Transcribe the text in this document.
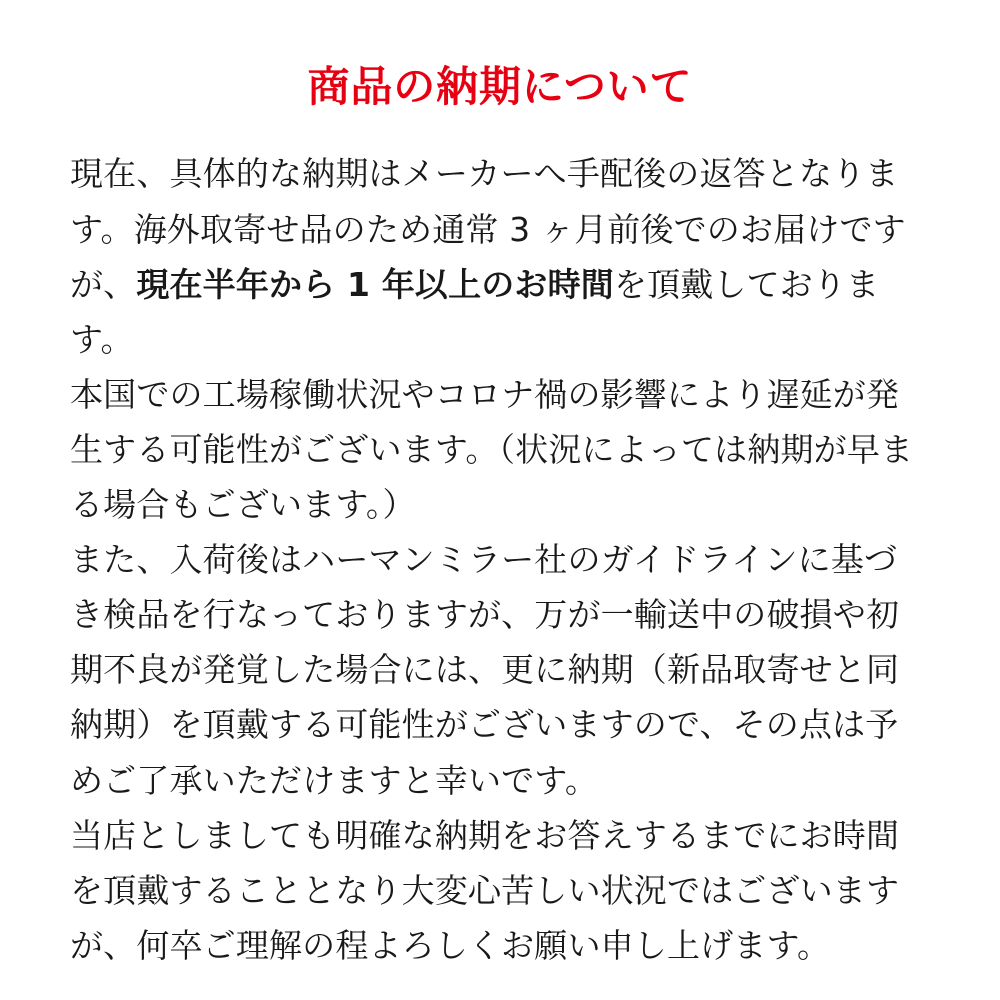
商品の納期について

現在、具体的な納期はメーカーへ手配後の返答となります。海外取寄せ品のため通常 3 ヶ月前後でのお届けですが、現在半年から 1 年以上のお時間を頂戴しております。

本国での工場稼働状況やコロナ禍の影響により遅延が発生する可能性がございます。（状況によっては納期が早まる場合もございます。）

また、入荷後はハーマンミラー社のガイドラインに基づき検品を行なっておりますが、万が一輸送中の破損や初期不良が発覚した場合には、更に納期（新品取寄せと同納期）を頂戴する可能性がございますので、その点は予めご了承いただけますと幸いです。

当店としましても明確な納期をお答えするまでにお時間を頂戴することとなり大変心苦しい状況ではございますが、何卒ご理解の程よろしくお願い申し上げます。
